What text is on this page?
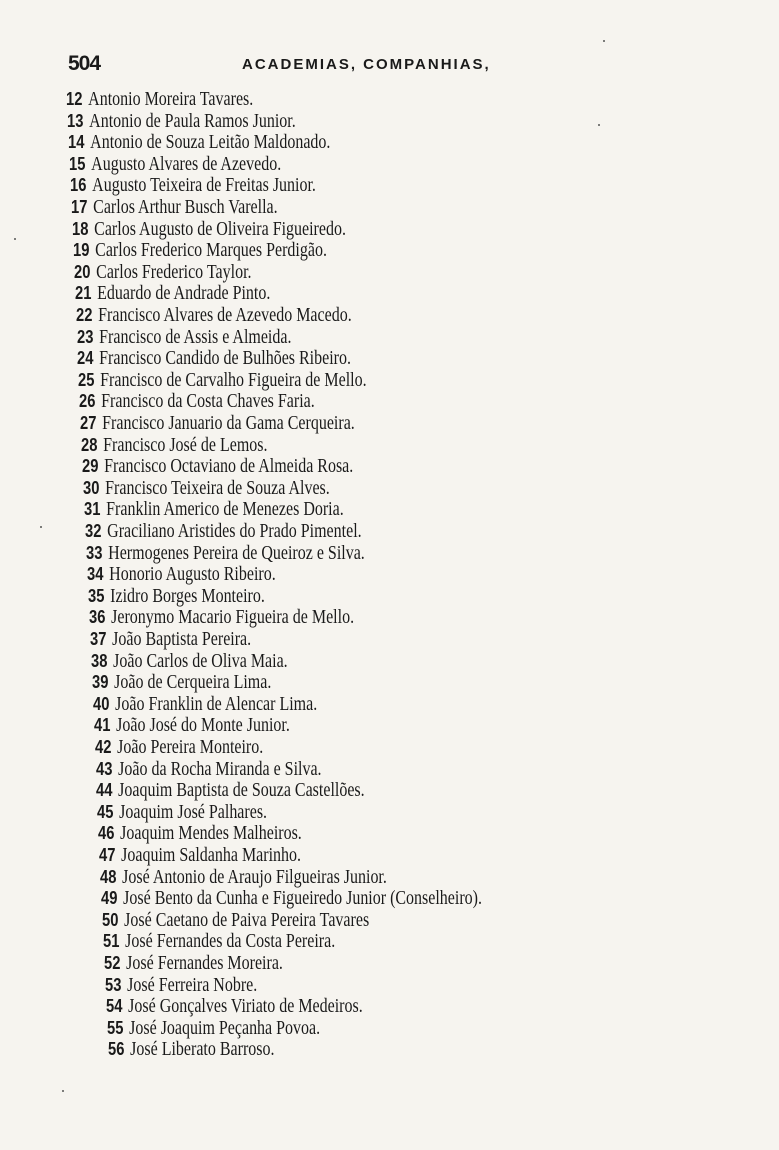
504	ACADEMIAS, COMPANHIAS,
12 Antonio Moreira Tavares.
13 Antonio de Paula Ramos Junior.
14 Antonio de Souza Leitão Maldonado.
15 Augusto Alvares de Azevedo.
16 Augusto Teixeira de Freitas Junior.
17 Carlos Arthur Busch Varella.
18 Carlos Augusto de Oliveira Figueiredo.
19 Carlos Frederico Marques Perdigão.
20 Carlos Frederico Taylor.
21 Eduardo de Andrade Pinto.
22 Francisco Alvares de Azevedo Macedo.
23 Francisco de Assis e Almeida.
24 Francisco Candido de Bulhões Ribeiro.
25 Francisco de Carvalho Figueira de Mello.
26 Francisco da Costa Chaves Faria.
27 Francisco Januario da Gama Cerqueira.
28 Francisco José de Lemos.
29 Francisco Octaviano de Almeida Rosa.
30 Francisco Teixeira de Souza Alves.
31 Franklin Americo de Menezes Doria.
32 Graciliano Aristides do Prado Pimentel.
33 Hermogenes Pereira de Queiroz e Silva.
34 Honorio Augusto Ribeiro.
35 Izidro Borges Monteiro.
36 Jeronymo Macario Figueira de Mello.
37 João Baptista Pereira.
38 João Carlos de Oliva Maia.
39 João de Cerqueira Lima.
40 João Franklin de Alencar Lima.
41 João José do Monte Junior.
42 João Pereira Monteiro.
43 João da Rocha Miranda e Silva.
44 Joaquim Baptista de Souza Castellões.
45 Joaquim José Palhares.
46 Joaquim Mendes Malheiros.
47 Joaquim Saldanha Marinho.
48 José Antonio de Araujo Filgueiras Junior.
49 José Bento da Cunha e Figueiredo Junior (Conselheiro).
50 José Caetano de Paiva Pereira Tavares
51 José Fernandes da Costa Pereira.
52 José Fernandes Moreira.
53 José Ferreira Nobre.
54 José Gonçalves Viriato de Medeiros.
55 José Joaquim Peçanha Povoa.
56 José Liberato Barroso.
